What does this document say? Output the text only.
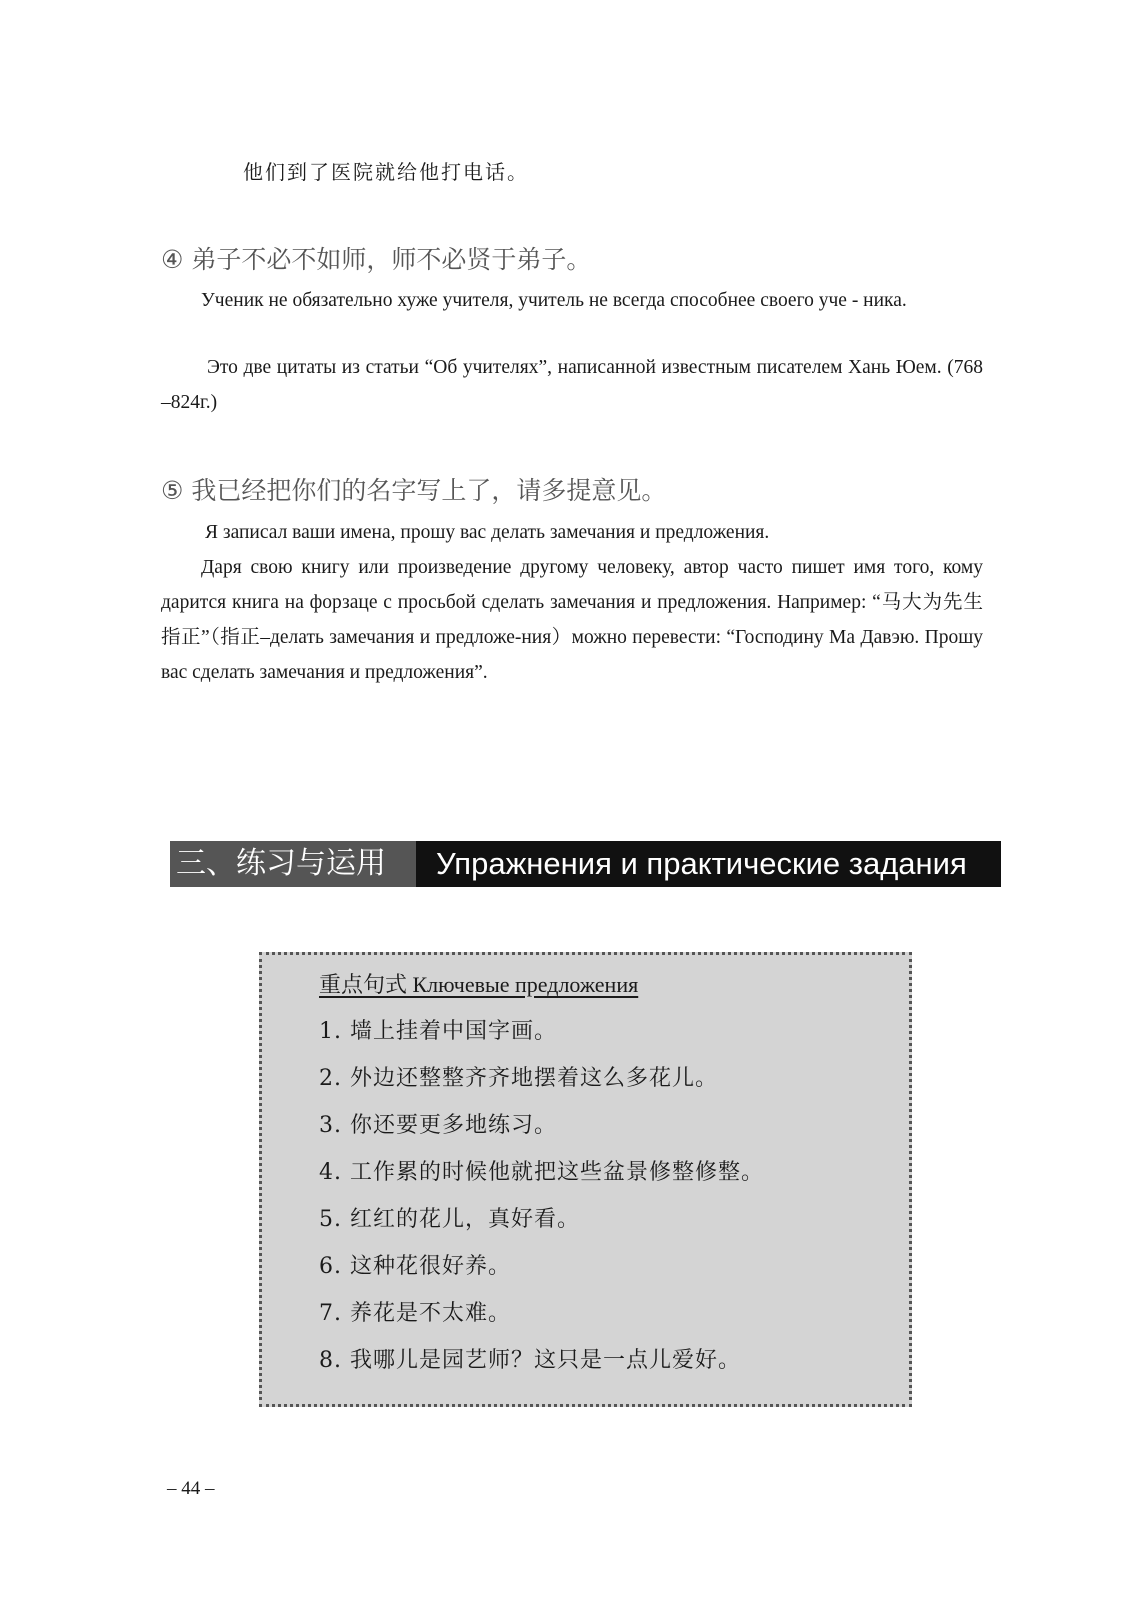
他们到了医院就给他打电话。
④ 弟子不必不如师，师不必贤于弟子。
Ученик не обязательно хуже учителя, учитель не всегда способнее своего уче - ника.
Это две цитаты из статьи “Об учителях”, написанной известным писателем Хань Юем. (768 –824г.)
⑤ 我已经把你们的名字写上了，请多提意见。
Я записал ваши имена, прошу вас делать замечания и предложения.
Даря свою книгу или произведение другому человеку, автор часто пишет имя того, кому дарится книга на форзаце с просьбой сделать замечания и предложения. Например: “马大为先生指正”（指正–делать замечания и предложе-ния）можно перевести: “Господину Ма Давэю. Прошу вас сделать замечания и предложения”.
三、练习与运用	Упражнения и практические задания
重点句式 Ключевые предложения
1. 墙上挂着中国字画。
2. 外边还整整齐齐地摆着这么多花儿。
3. 你还要更多地练习。
4. 工作累的时候他就把这些盆景修整修整。
5. 红红的花儿，真好看。
6. 这种花很好养。
7. 养花是不太难。
8. 我哪儿是园艺师？这只是一点儿爱好。
– 44 –
